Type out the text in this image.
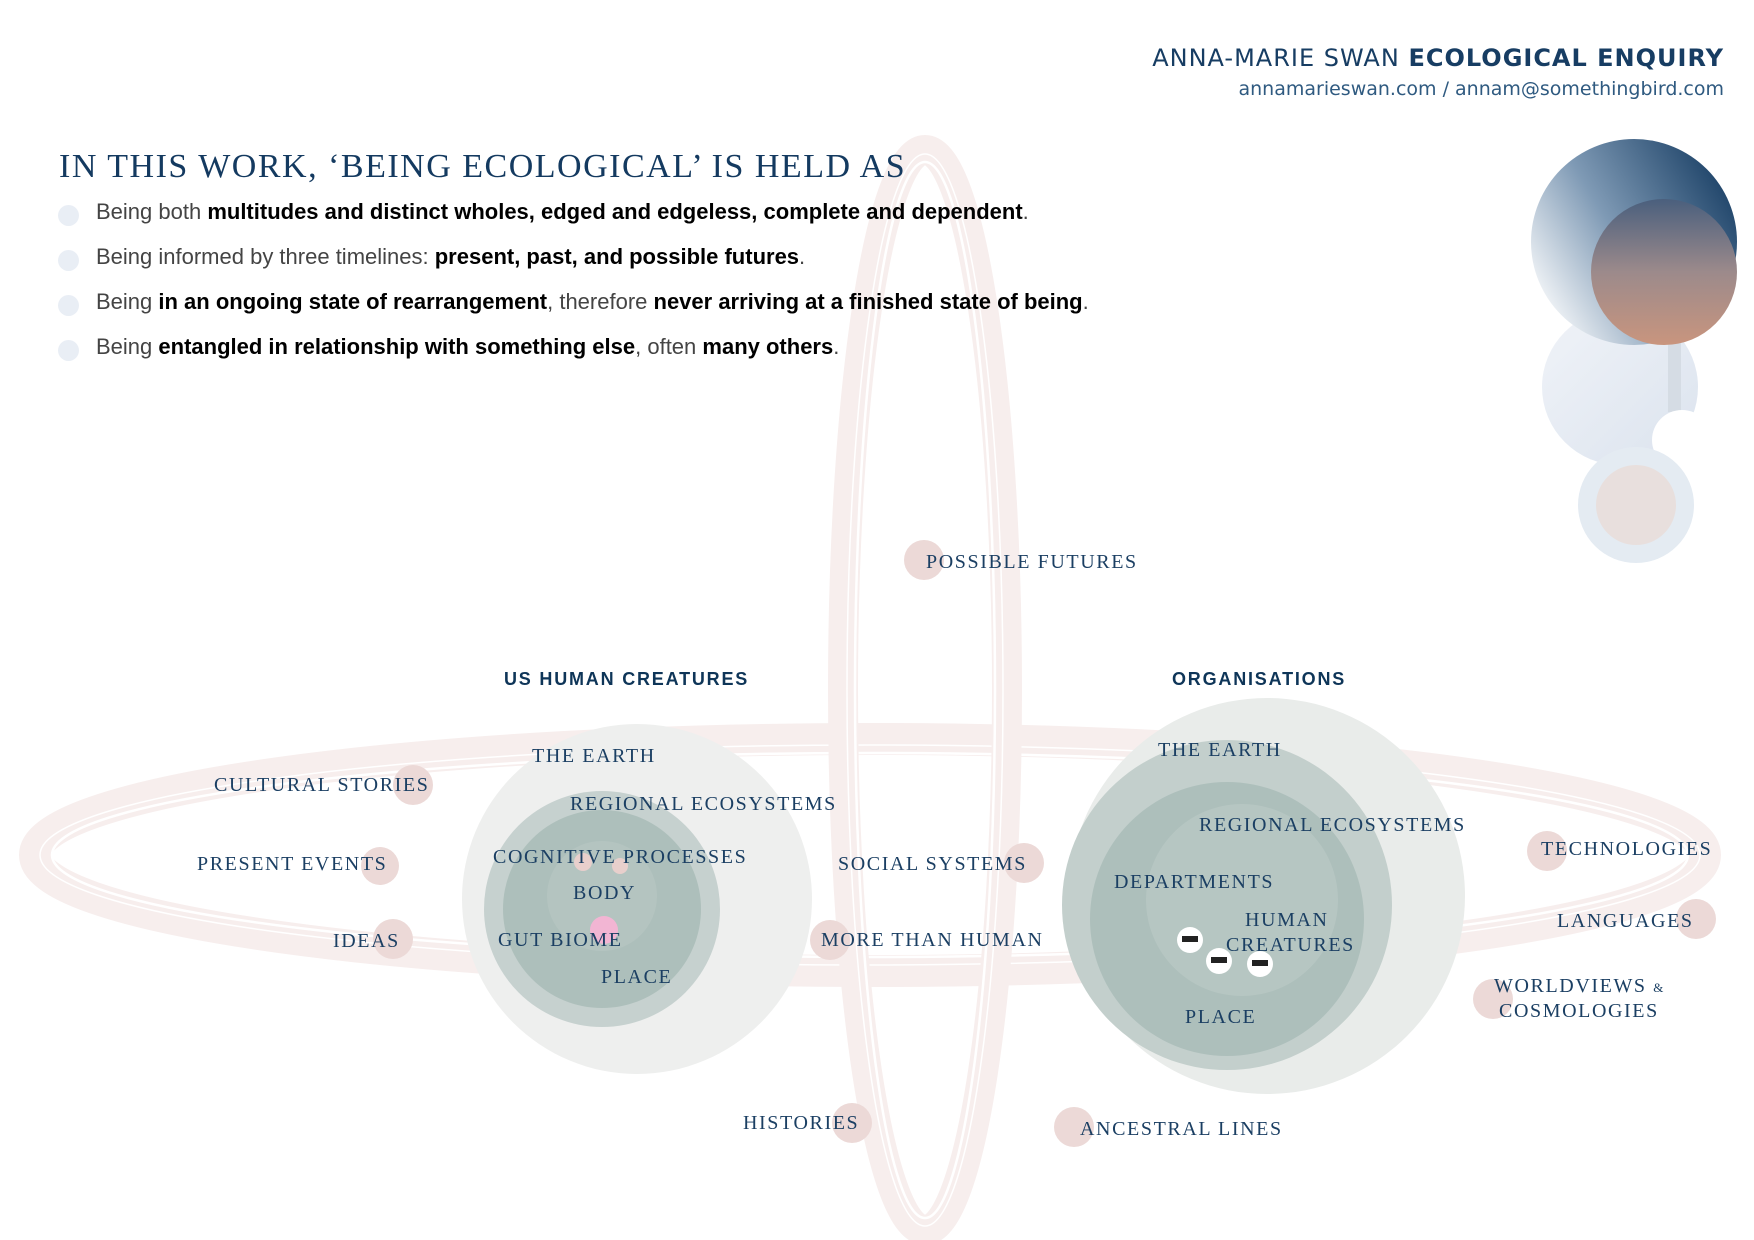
ANNA-MARIE SWAN ECOLOGICAL ENQUIRY
annamarieswan.com / annam@somethingbird.com
IN THIS WORK, ‘BEING ECOLOGICAL’ IS HELD AS
Being both multitudes and distinct wholes, edged and edgeless, complete and dependent.
Being informed by three timelines: present, past, and possible futures.
Being in an ongoing state of rearrangement, therefore never arriving at a finished state of being.
Being entangled in relationship with something else, often many others.
POSSIBLE FUTURES
CULTURAL STORIES
PRESENT EVENTS
IDEAS
SOCIAL SYSTEMS
MORE THAN HUMAN
HISTORIES	ANCESTRAL LINES
TECHNOLOGIES
LANGUAGES
WORLDVIEWS &
COSMOLOGIES
US HUMAN CREATURES
THE EARTH
REGIONAL ECOSYSTEMS
COGNITIVE PROCESSES
BODY
GUT BIOME
PLACE
ORGANISATIONS
THE EARTH
REGIONAL ECOSYSTEMS
DEPARTMENTS
HUMAN
CREATURES
PLACE
